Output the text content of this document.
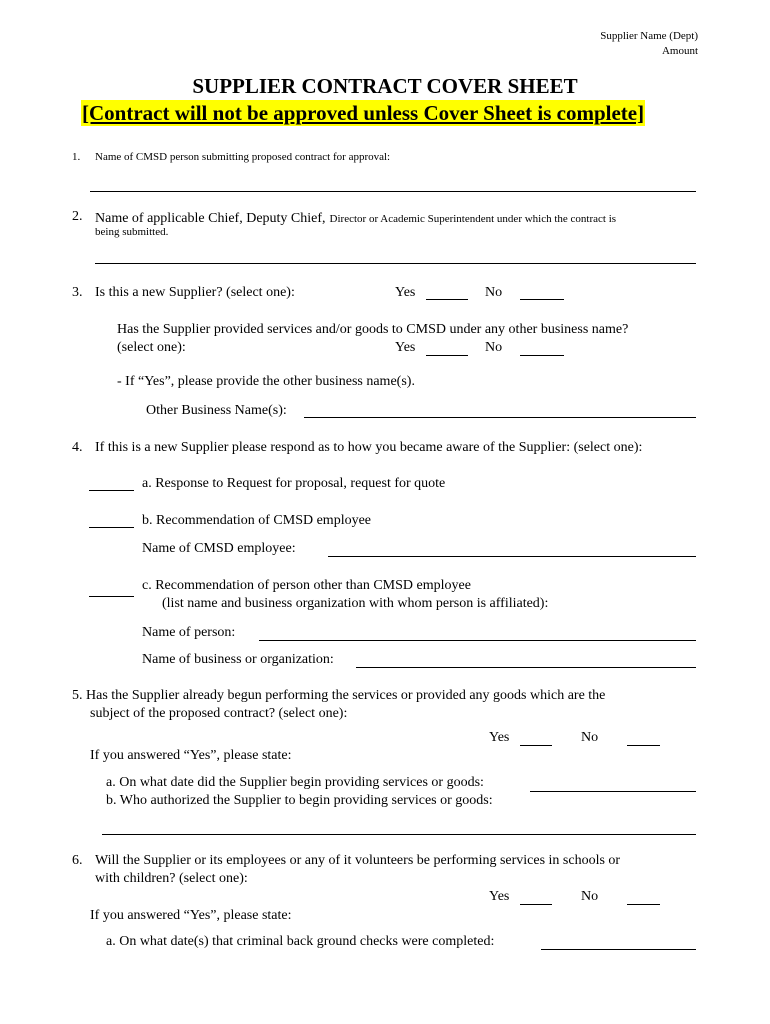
Supplier Name (Dept)
Amount
SUPPLIER CONTRACT COVER SHEET
[Contract will not be approved unless Cover Sheet is complete]
1. Name of CMSD person submitting proposed contract for approval:
2. Name of applicable Chief, Deputy Chief, Director or Academic Superintendent under which the contract is
being submitted.
3. Is this a new Supplier? (select one):	Yes	No
Has the Supplier provided services and/or goods to CMSD under any other business name?
(select one):	Yes	No
- If “Yes”, please provide the other business name(s).
Other Business Name(s):
4. If this is a new Supplier please respond as to how you became aware of the Supplier: (select one):
a. Response to Request for proposal, request for quote
b. Recommendation of CMSD employee
Name of CMSD employee:
c. Recommendation of person other than CMSD employee
(list name and business organization with whom person is affiliated):
Name of person:
Name of business or organization:
5. Has the Supplier already begun performing the services or provided any goods which are the
subject of the proposed contract? (select one):
Yes	No
If you answered “Yes”, please state:
a. On what date did the Supplier begin providing services or goods:
b. Who authorized the Supplier to begin providing services or goods:
6. Will the Supplier or its employees or any of it volunteers be performing services in schools or
with children? (select one):
Yes	No
If you answered “Yes”, please state:
a. On what date(s) that criminal back ground checks were completed:
